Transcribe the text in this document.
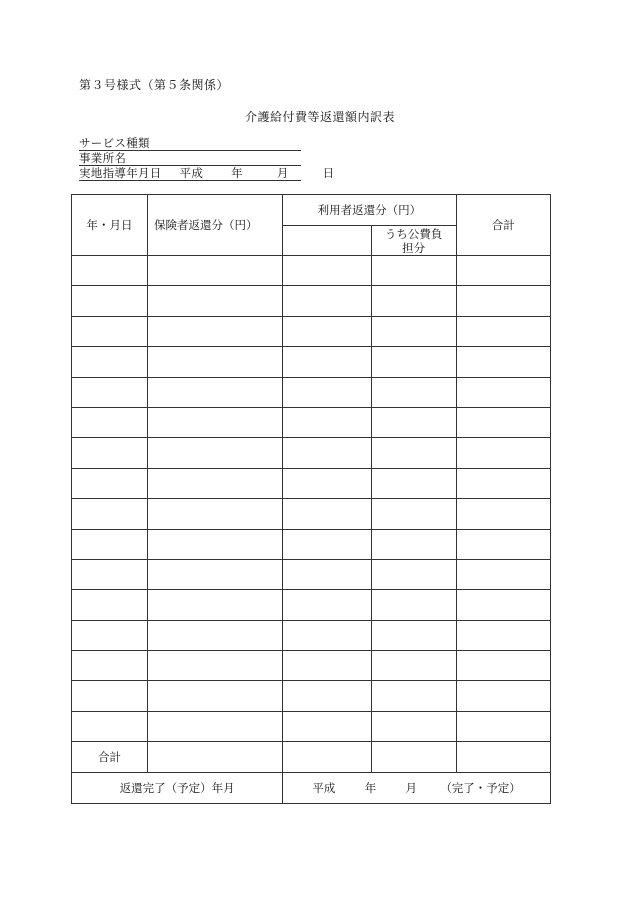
第３号様式（第５条関係）
介護給付費等返還額内訳表
サービス種類
事業所名
実地指導年月日 平成 年	月	日
年・月日	保険者返還分（円）	利用者返還分（円）		合計
			うち公費負
担分	

合計				
返還完了（予定）年月		平成 年 月 （完了・予定）		
